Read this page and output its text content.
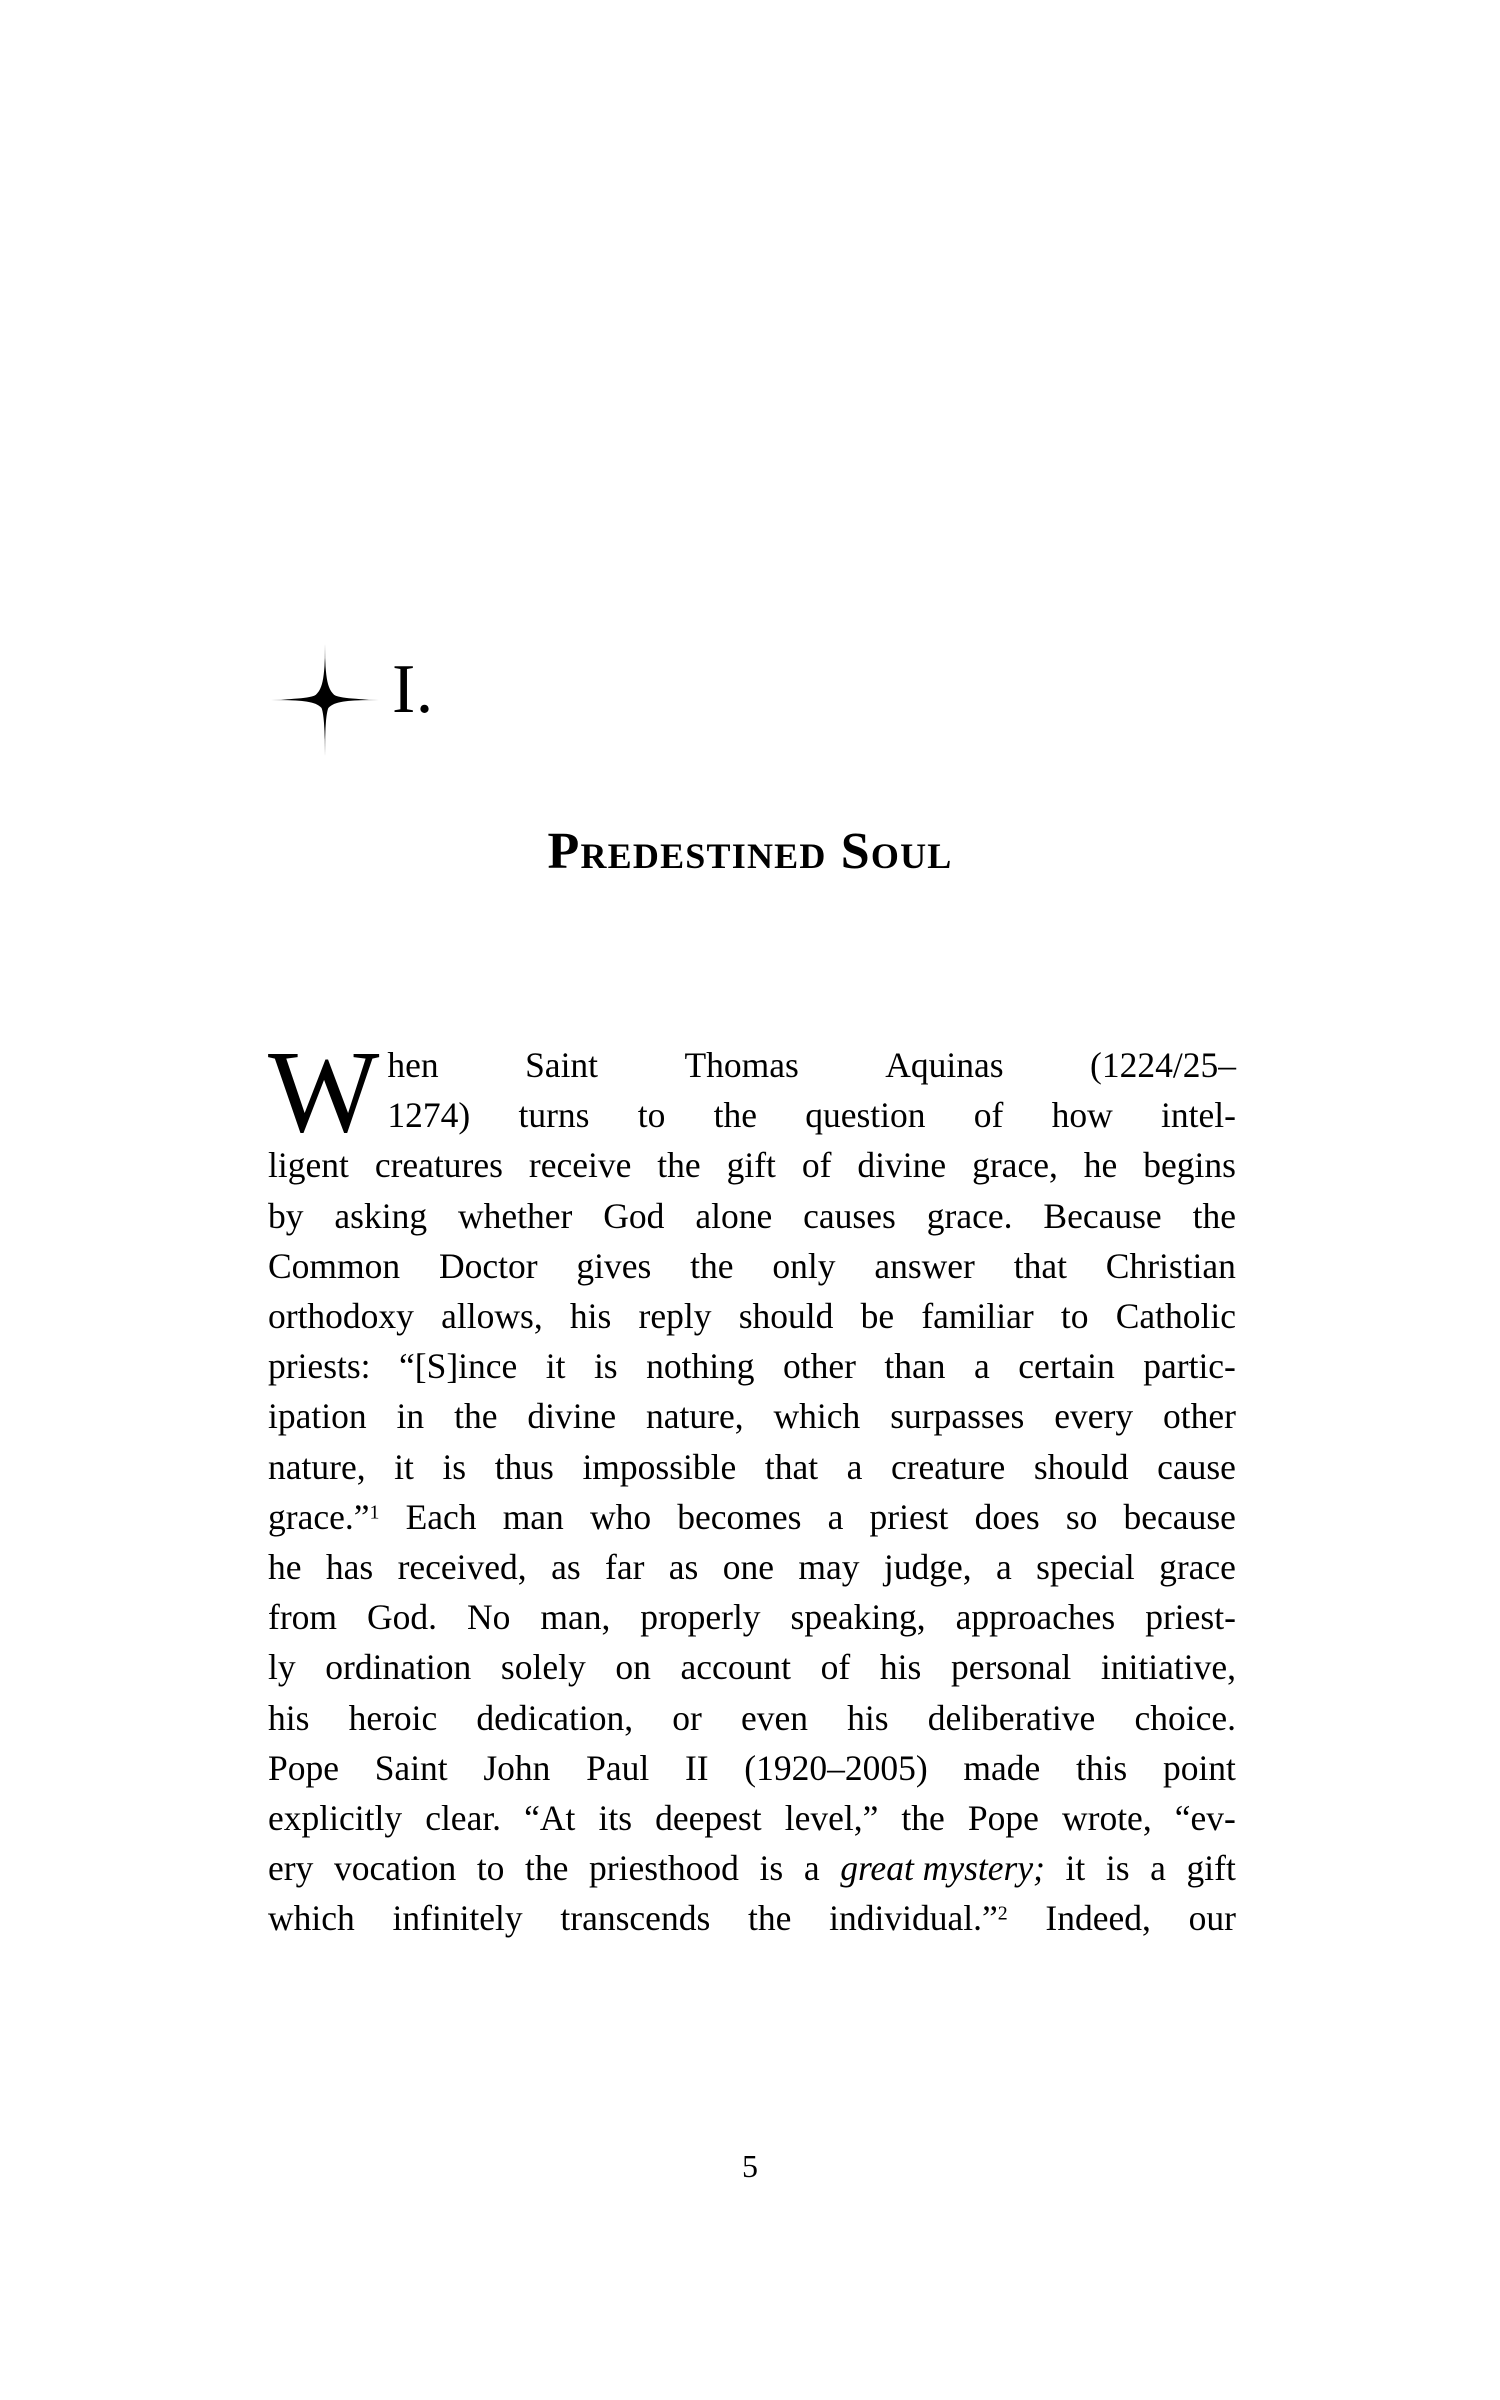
I.
Predestined Soul

W hen Saint Thomas Aquinas (1224/25–
1274) turns to the question of how intel-
ligent creatures receive the gift of divine grace, he begins
by asking whether God alone causes grace. Because the
Common Doctor gives the only answer that Christian
orthodoxy allows, his reply should be familiar to Catholic
priests: “[S]ince it is nothing other than a certain partic-
ipation in the divine nature, which surpasses every other
nature, it is thus impossible that a creature should cause
grace.”$^1$ Each man who becomes a priest does so because
he has received, as far as one may judge, a special grace
from God. No man, properly speaking, approaches priest-
ly ordination solely on account of his personal initiative,
his heroic dedication, or even his deliberative choice.
Pope Saint John Paul II (1920–2005) made this point
explicitly clear. “At its deepest level,” the Pope wrote, “ev-
ery vocation to the priesthood is a great mystery; it is a gift
which infinitely transcends the individual.”$^2$ Indeed, our

5
